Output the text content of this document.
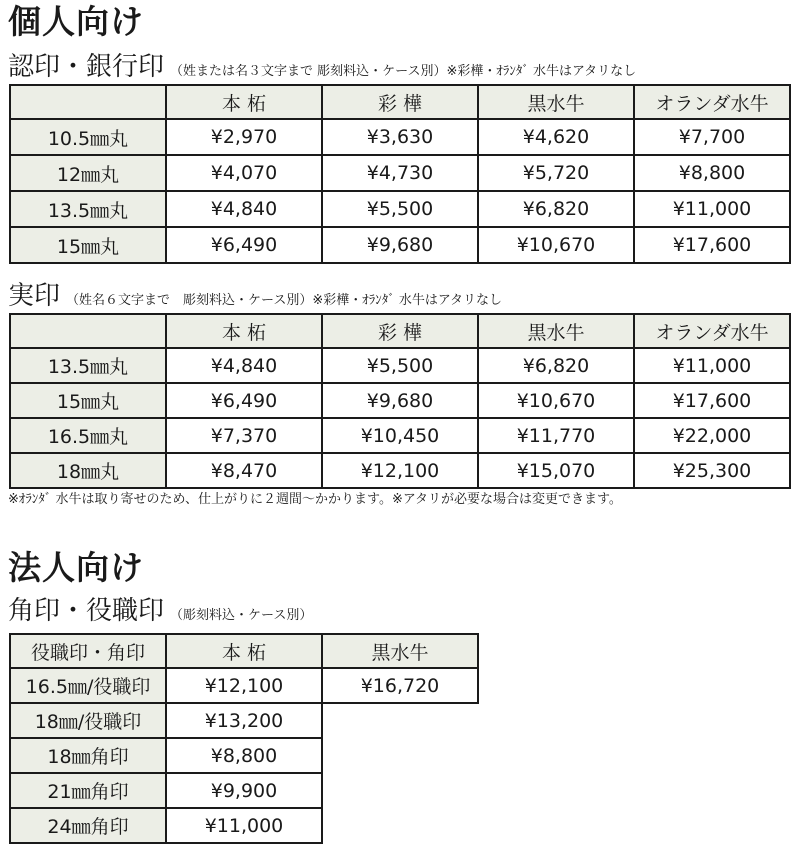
個人向け
認印・銀行印 （姓または名３文字まで 彫刻料込・ケース別）※彩樺・ｵﾗﾝﾀﾞ 水牛はアタリなし
	本 柘	彩 樺	黒水牛	オランダ水牛
10.5㎜丸	¥2,970	¥3,630	¥4,620	¥7,700
12㎜丸	¥4,070	¥4,730	¥5,720	¥8,800
13.5㎜丸	¥4,840	¥5,500	¥6,820	¥11,000
15㎜丸	¥6,490	¥9,680	¥10,670	¥17,600
実印 （姓名６文字まで　彫刻料込・ケース別）※彩樺・ｵﾗﾝﾀﾞ 水牛はアタリなし
	本 柘	彩 樺	黒水牛	オランダ水牛
13.5㎜丸	¥4,840	¥5,500	¥6,820	¥11,000
15㎜丸	¥6,490	¥9,680	¥10,670	¥17,600
16.5㎜丸	¥7,370	¥10,450	¥11,770	¥22,000
18㎜丸	¥8,470	¥12,100	¥15,070	¥25,300
※ｵﾗﾝﾀﾞ 水牛は取り寄せのため、仕上がりに２週間〜かかります。※アタリが必要な場合は変更できます。
法人向け
角印・役職印 （彫刻料込・ケース別）
役職印・角印	本 柘	黒水牛
16.5㎜/役職印	¥12,100	¥16,720
18㎜/役職印	¥13,200	
18㎜角印	¥8,800	
21㎜角印	¥9,900	
24㎜角印	¥11,000	
